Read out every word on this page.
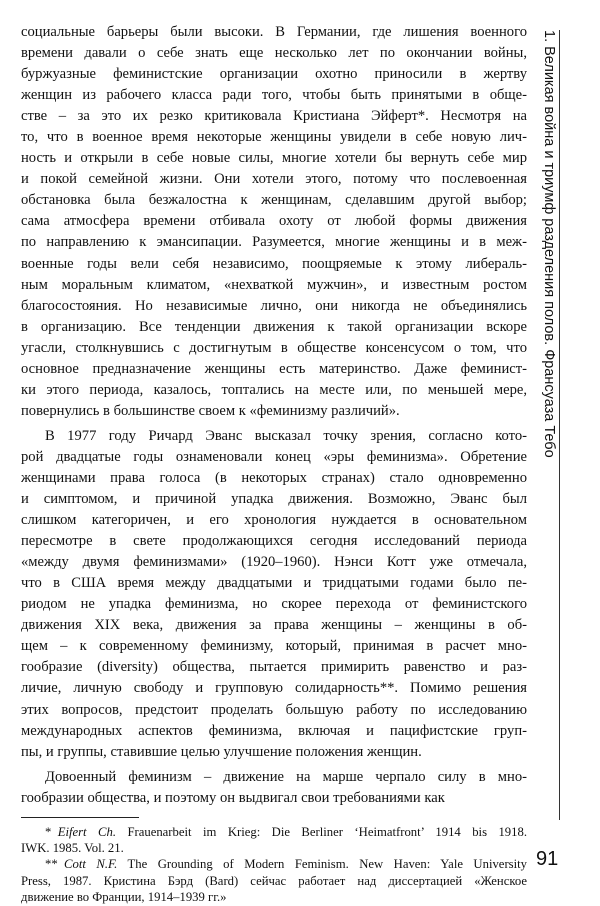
социальные барьеры были высоки. В Германии, где лишения военного
времени давали о себе знать еще несколько лет по окончании войны,
буржуазные феминистские организации охотно приносили в жертву
женщин из рабочего класса ради того, чтобы быть принятыми в обще-
стве – за это их резко критиковала Кристиана Эйферт*. Несмотря на
то, что в военное время некоторые женщины увидели в себе новую лич-
ность и открыли в себе новые силы, многие хотели бы вернуть себе мир
и покой семейной жизни. Они хотели этого, потому что послевоенная
обстановка была безжалостна к женщинам, сделавшим другой выбор;
сама атмосфера времени отбивала охоту от любой формы движения
по направлению к эмансипации. Разумеется, многие женщины и в меж-
военные годы вели себя независимо, поощряемые к этому либераль-
ным моральным климатом, «нехваткой мужчин», и известным ростом
благосостояния. Но независимые лично, они никогда не объединялись
в организацию. Все тенденции движения к такой организации вскоре
угасли, столкнувшись с достигнутым в обществе консенсусом о том, что
основное предназначение женщины есть материнство. Даже феминист-
ки этого периода, казалось, топтались на месте или, по меньшей мере,
повернулись в большинстве своем к «феминизму различий».
В 1977 году Ричард Эванс высказал точку зрения, согласно кото-
рой двадцатые годы ознаменовали конец «эры феминизма». Обретение
женщинами права голоса (в некоторых странах) стало одновременно
и симптомом, и причиной упадка движения. Возможно, Эванс был
слишком категоричен, и его хронология нуждается в основательном
пересмотре в свете продолжающихся сегодня исследований периода
«между двумя феминизмами» (1920–1960). Нэнси Котт уже отмечала,
что в США время между двадцатыми и тридцатыми годами было пе-
риодом не упадка феминизма, но скорее перехода от феминистского
движения XIX века, движения за права женщины – женщины в об-
щем – к современному феминизму, который, принимая в расчет мно-
гообразие (diversity) общества, пытается примирить равенство и раз-
личие, личную свободу и групповую солидарность**. Помимо решения
этих вопросов, предстоит проделать большую работу по исследованию
международных аспектов феминизма, включая и пацифистские груп-
пы, и группы, ставившие целью улучшение положения женщин.
Довоенный феминизм – движение на марше черпало силу в мно-
гообразии общества, и поэтому он выдвигал свои требованиями как
*  Eifert Ch. Frauenarbeit im Krieg: Die Berliner ‘Heimatfront’ 1914 bis 1918.
IWK. 1985. Vol. 21.
**  Cott N.F. The Grounding of Modern Feminism. New Haven: Yale University
Press, 1987. Кристина Бэрд (Bard) сейчас работает над диссертацией «Женское
движение во Франции, 1914–1939 гг.»
1. Великая война и триумф разделения полов. Франсуаза Тебо
91
